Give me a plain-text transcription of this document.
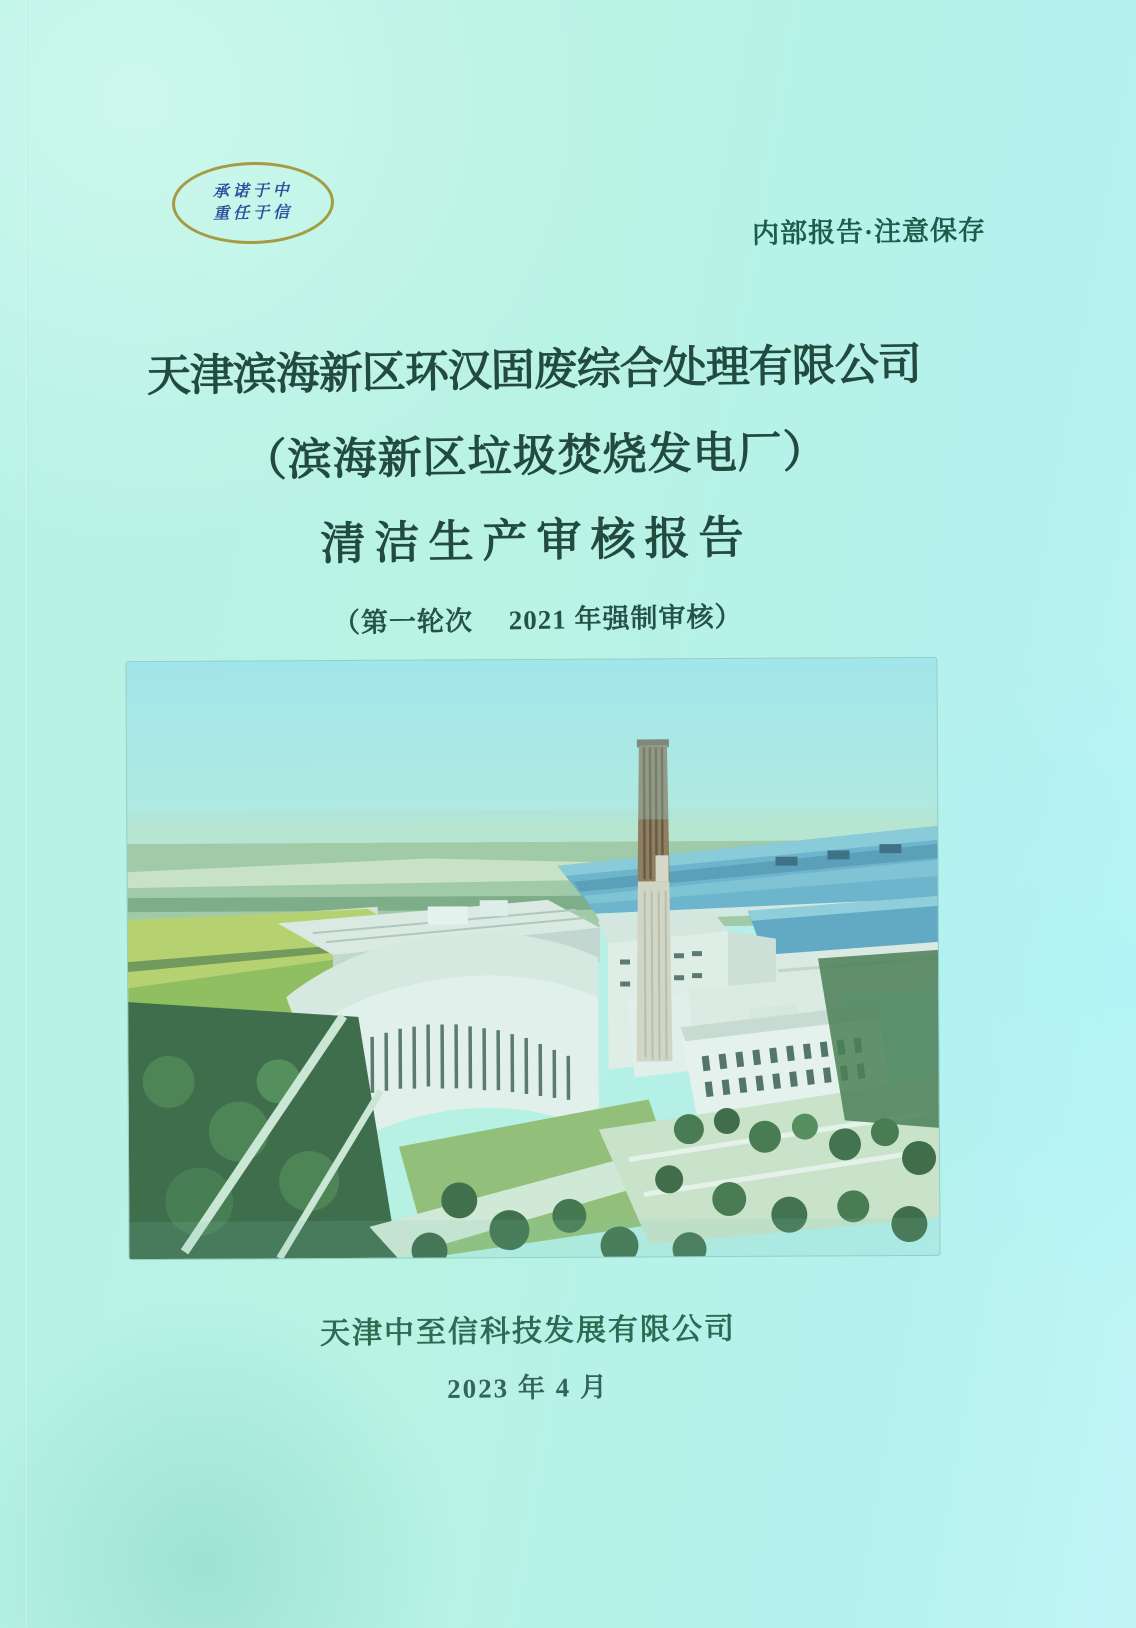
承诺于中
重任于信
内部报告·注意保存
天津滨海新区环汉固废综合处理有限公司
（滨海新区垃圾焚烧发电厂）
清洁生产审核报告
（第一轮次　 2021 年强制审核）
天津中至信科技发展有限公司
2023 年 4 月
